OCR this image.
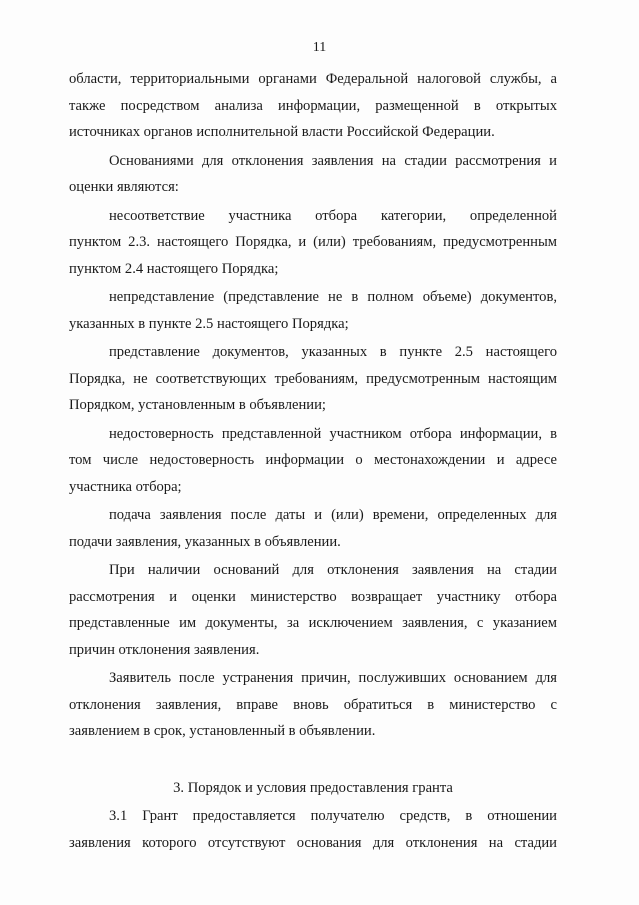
11
области, территориальными органами Федеральной налоговой службы, а
также посредством анализа информации, размещенной в открытых
источниках органов исполнительной власти Российской Федерации.
Основаниями для отклонения заявления на стадии рассмотрения и
оценки являются:
несоответствие участника отбора категории, определенной
пунктом 2.3. настоящего Порядка, и (или) требованиям, предусмотренным
пунктом 2.4 настоящего Порядка;
непредставление (представление не в полном объеме) документов,
указанных в пункте 2.5 настоящего Порядка;
представление документов, указанных в пункте 2.5 настоящего
Порядка, не соответствующих требованиям, предусмотренным настоящим
Порядком, установленным в объявлении;
недостоверность представленной участником отбора информации, в
том числе недостоверность информации о местонахождении и адресе
участника отбора;
подача заявления после даты и (или) времени, определенных для
подачи заявления, указанных в объявлении.
При наличии оснований для отклонения заявления на стадии
рассмотрения и оценки министерство возвращает участнику отбора
представленные им документы, за исключением заявления, с указанием
причин отклонения заявления.
Заявитель после устранения причин, послуживших основанием для
отклонения заявления, вправе вновь обратиться в министерство с
заявлением в срок, установленный в объявлении.
3. Порядок и условия предоставления гранта
3.1 Грант предоставляется получателю средств, в отношении
заявления которого отсутствуют основания для отклонения на стадии
